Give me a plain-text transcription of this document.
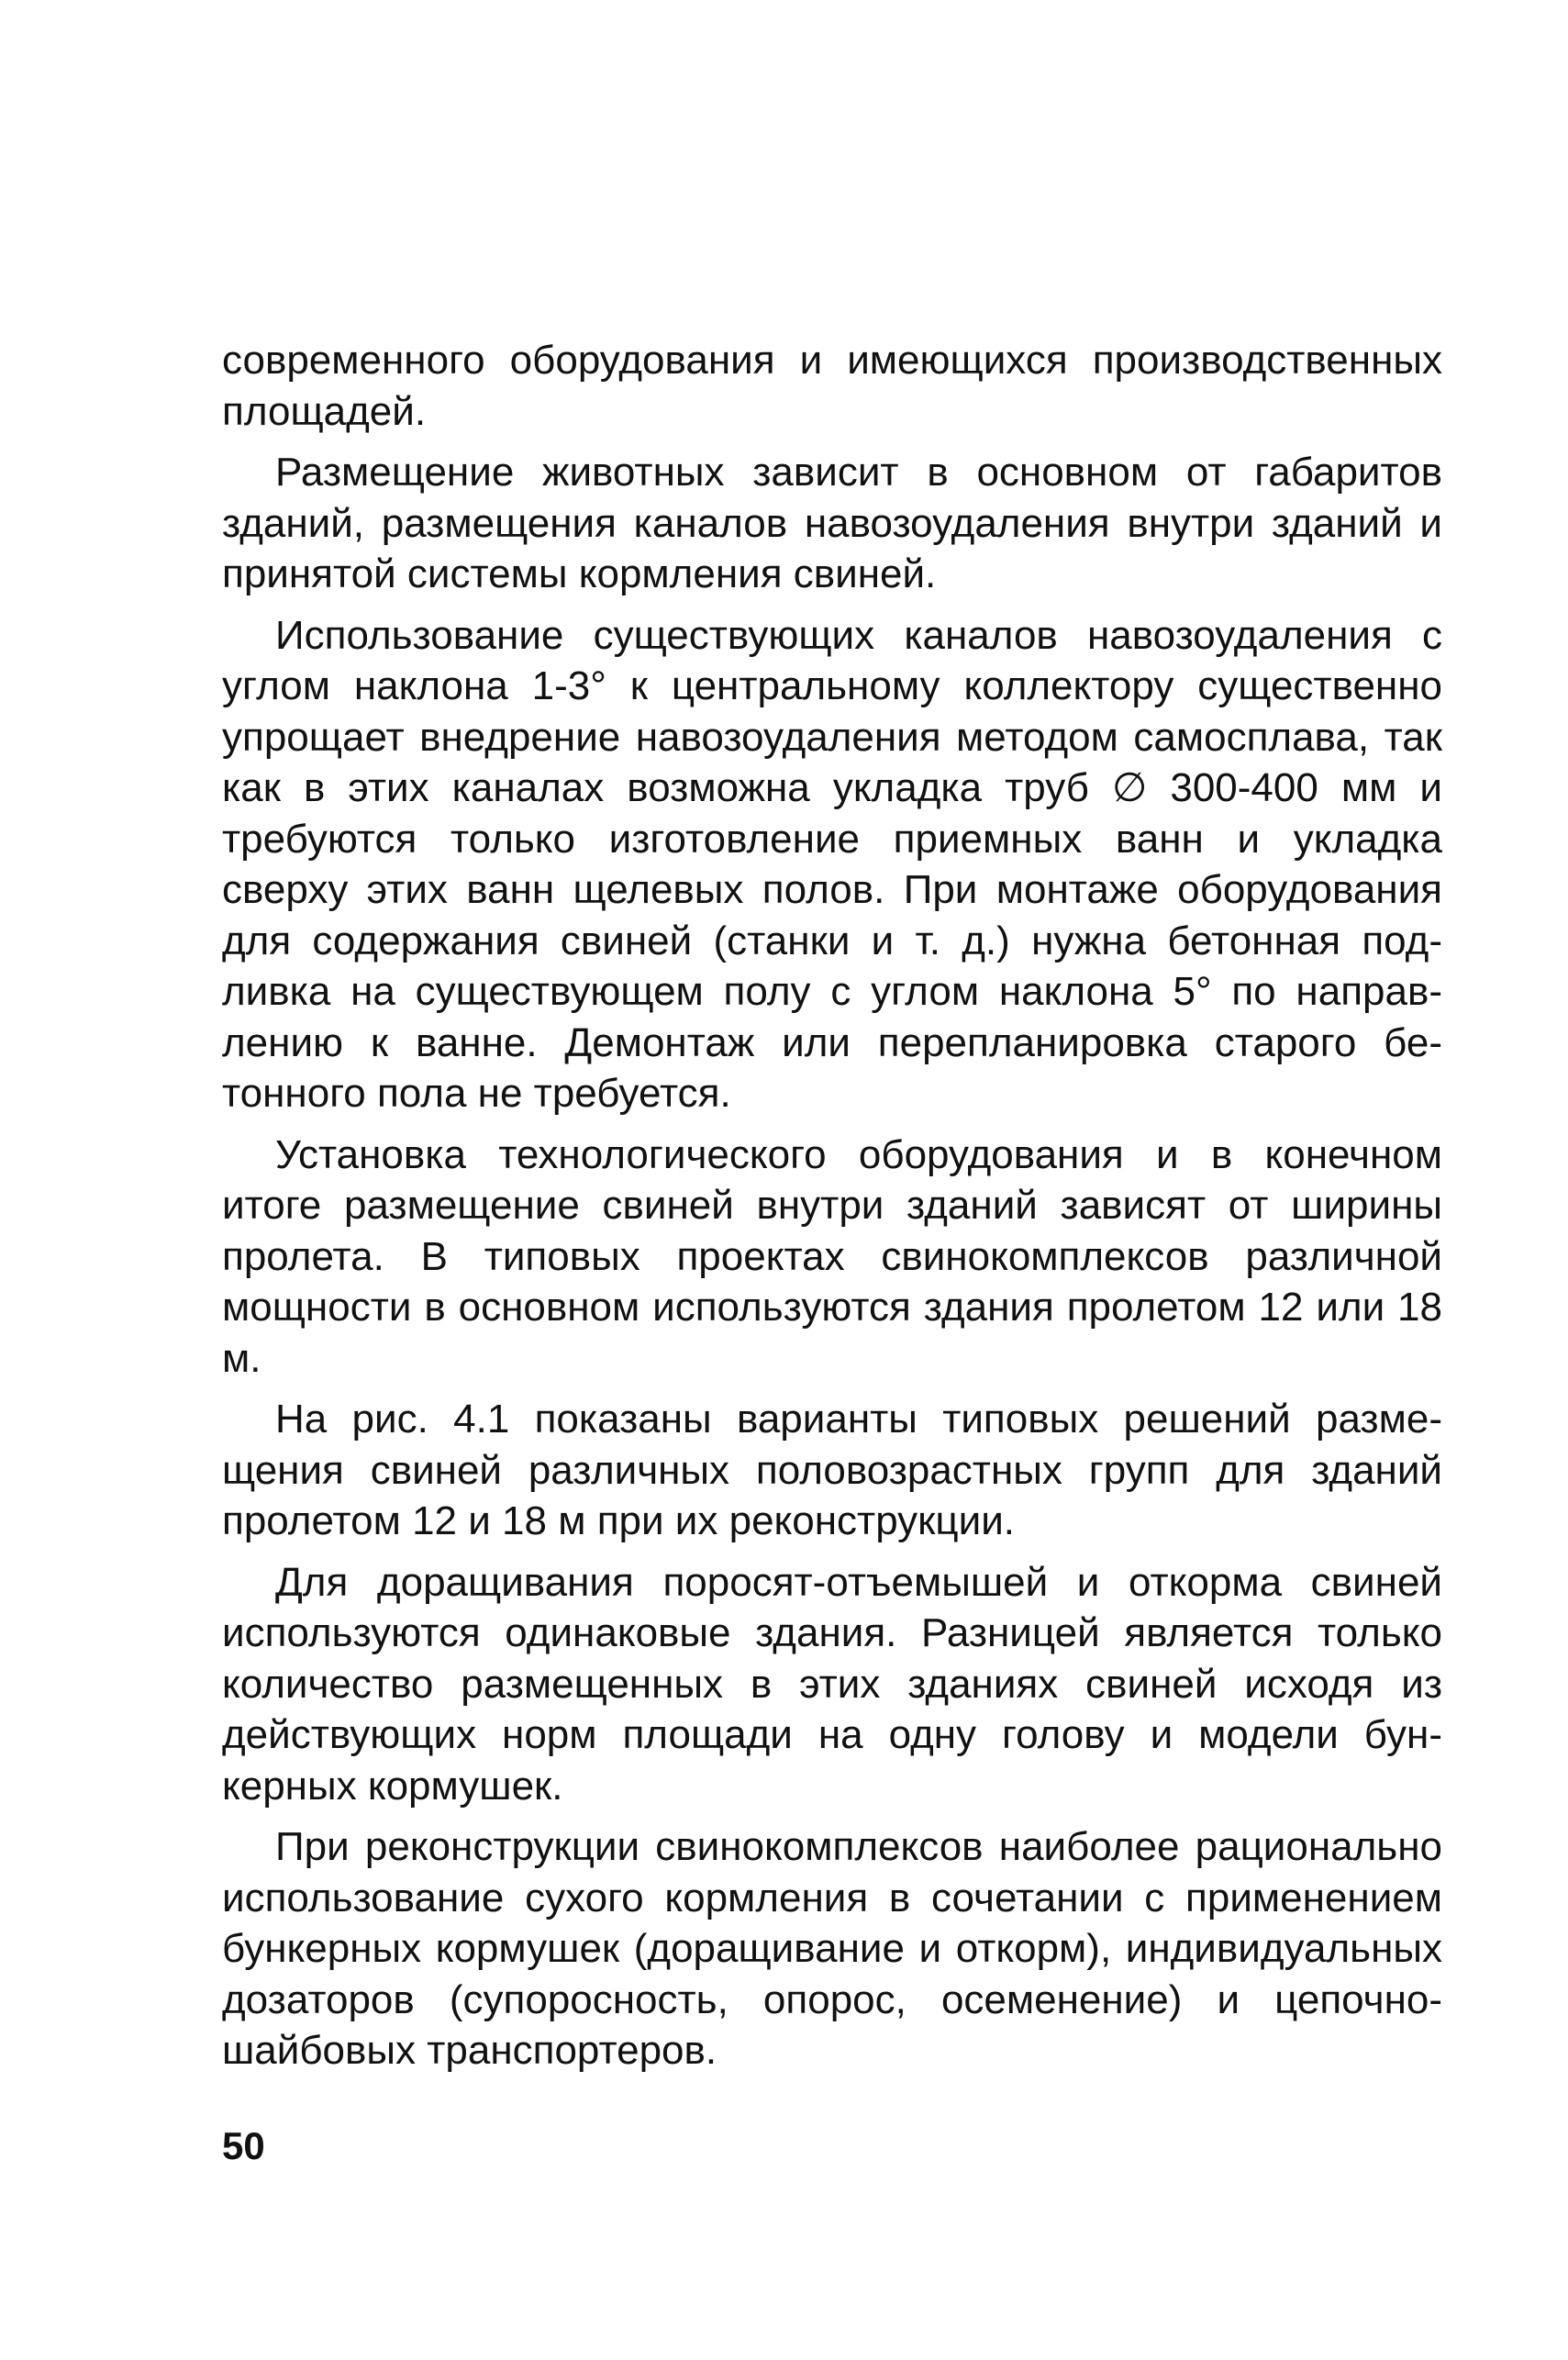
современного оборудования и имеющихся производственных площадей.

Размещение животных зависит в основном от габаритов зданий, размещения каналов навозоудаления внутри зданий и принятой системы кормления свиней.

Использование существующих каналов навозоудаления с углом наклона 1-3° к центральному коллектору существенно упрощает внедрение навозоудаления методом самосплава, так как в этих каналах возможна укладка труб ∅ 300-400 мм и требуются только изготовление приемных ванн и укладка сверху этих ванн щелевых полов. При монтаже оборудования для содержания свиней (станки и т. д.) нужна бетонная подливка на существующем полу с углом наклона 5° по направлению к ванне. Демонтаж или перепланировка старого бетонного пола не требуется.

Установка технологического оборудования и в конечном итоге размещение свиней внутри зданий зависят от ширины пролета. В типовых проектах свинокомплексов различной мощности в основном используются здания пролетом 12 или 18 м.

На рис. 4.1 показаны варианты типовых решений размещения свиней различных половозрастных групп для зданий пролетом 12 и 18 м при их реконструкции.

Для доращивания поросят-отъемышей и откорма свиней используются одинаковые здания. Разницей является только количество размещенных в этих зданиях свиней исходя из действующих норм площади на одну голову и модели бункерных кормушек.

При реконструкции свинокомплексов наиболее рационально использование сухого кормления в сочетании с применением бункерных кормушек (доращивание и откорм), индивидуальных дозаторов (супоросность, опорос, осеменение) и цепочно-шайбовых транспортеров.

50
